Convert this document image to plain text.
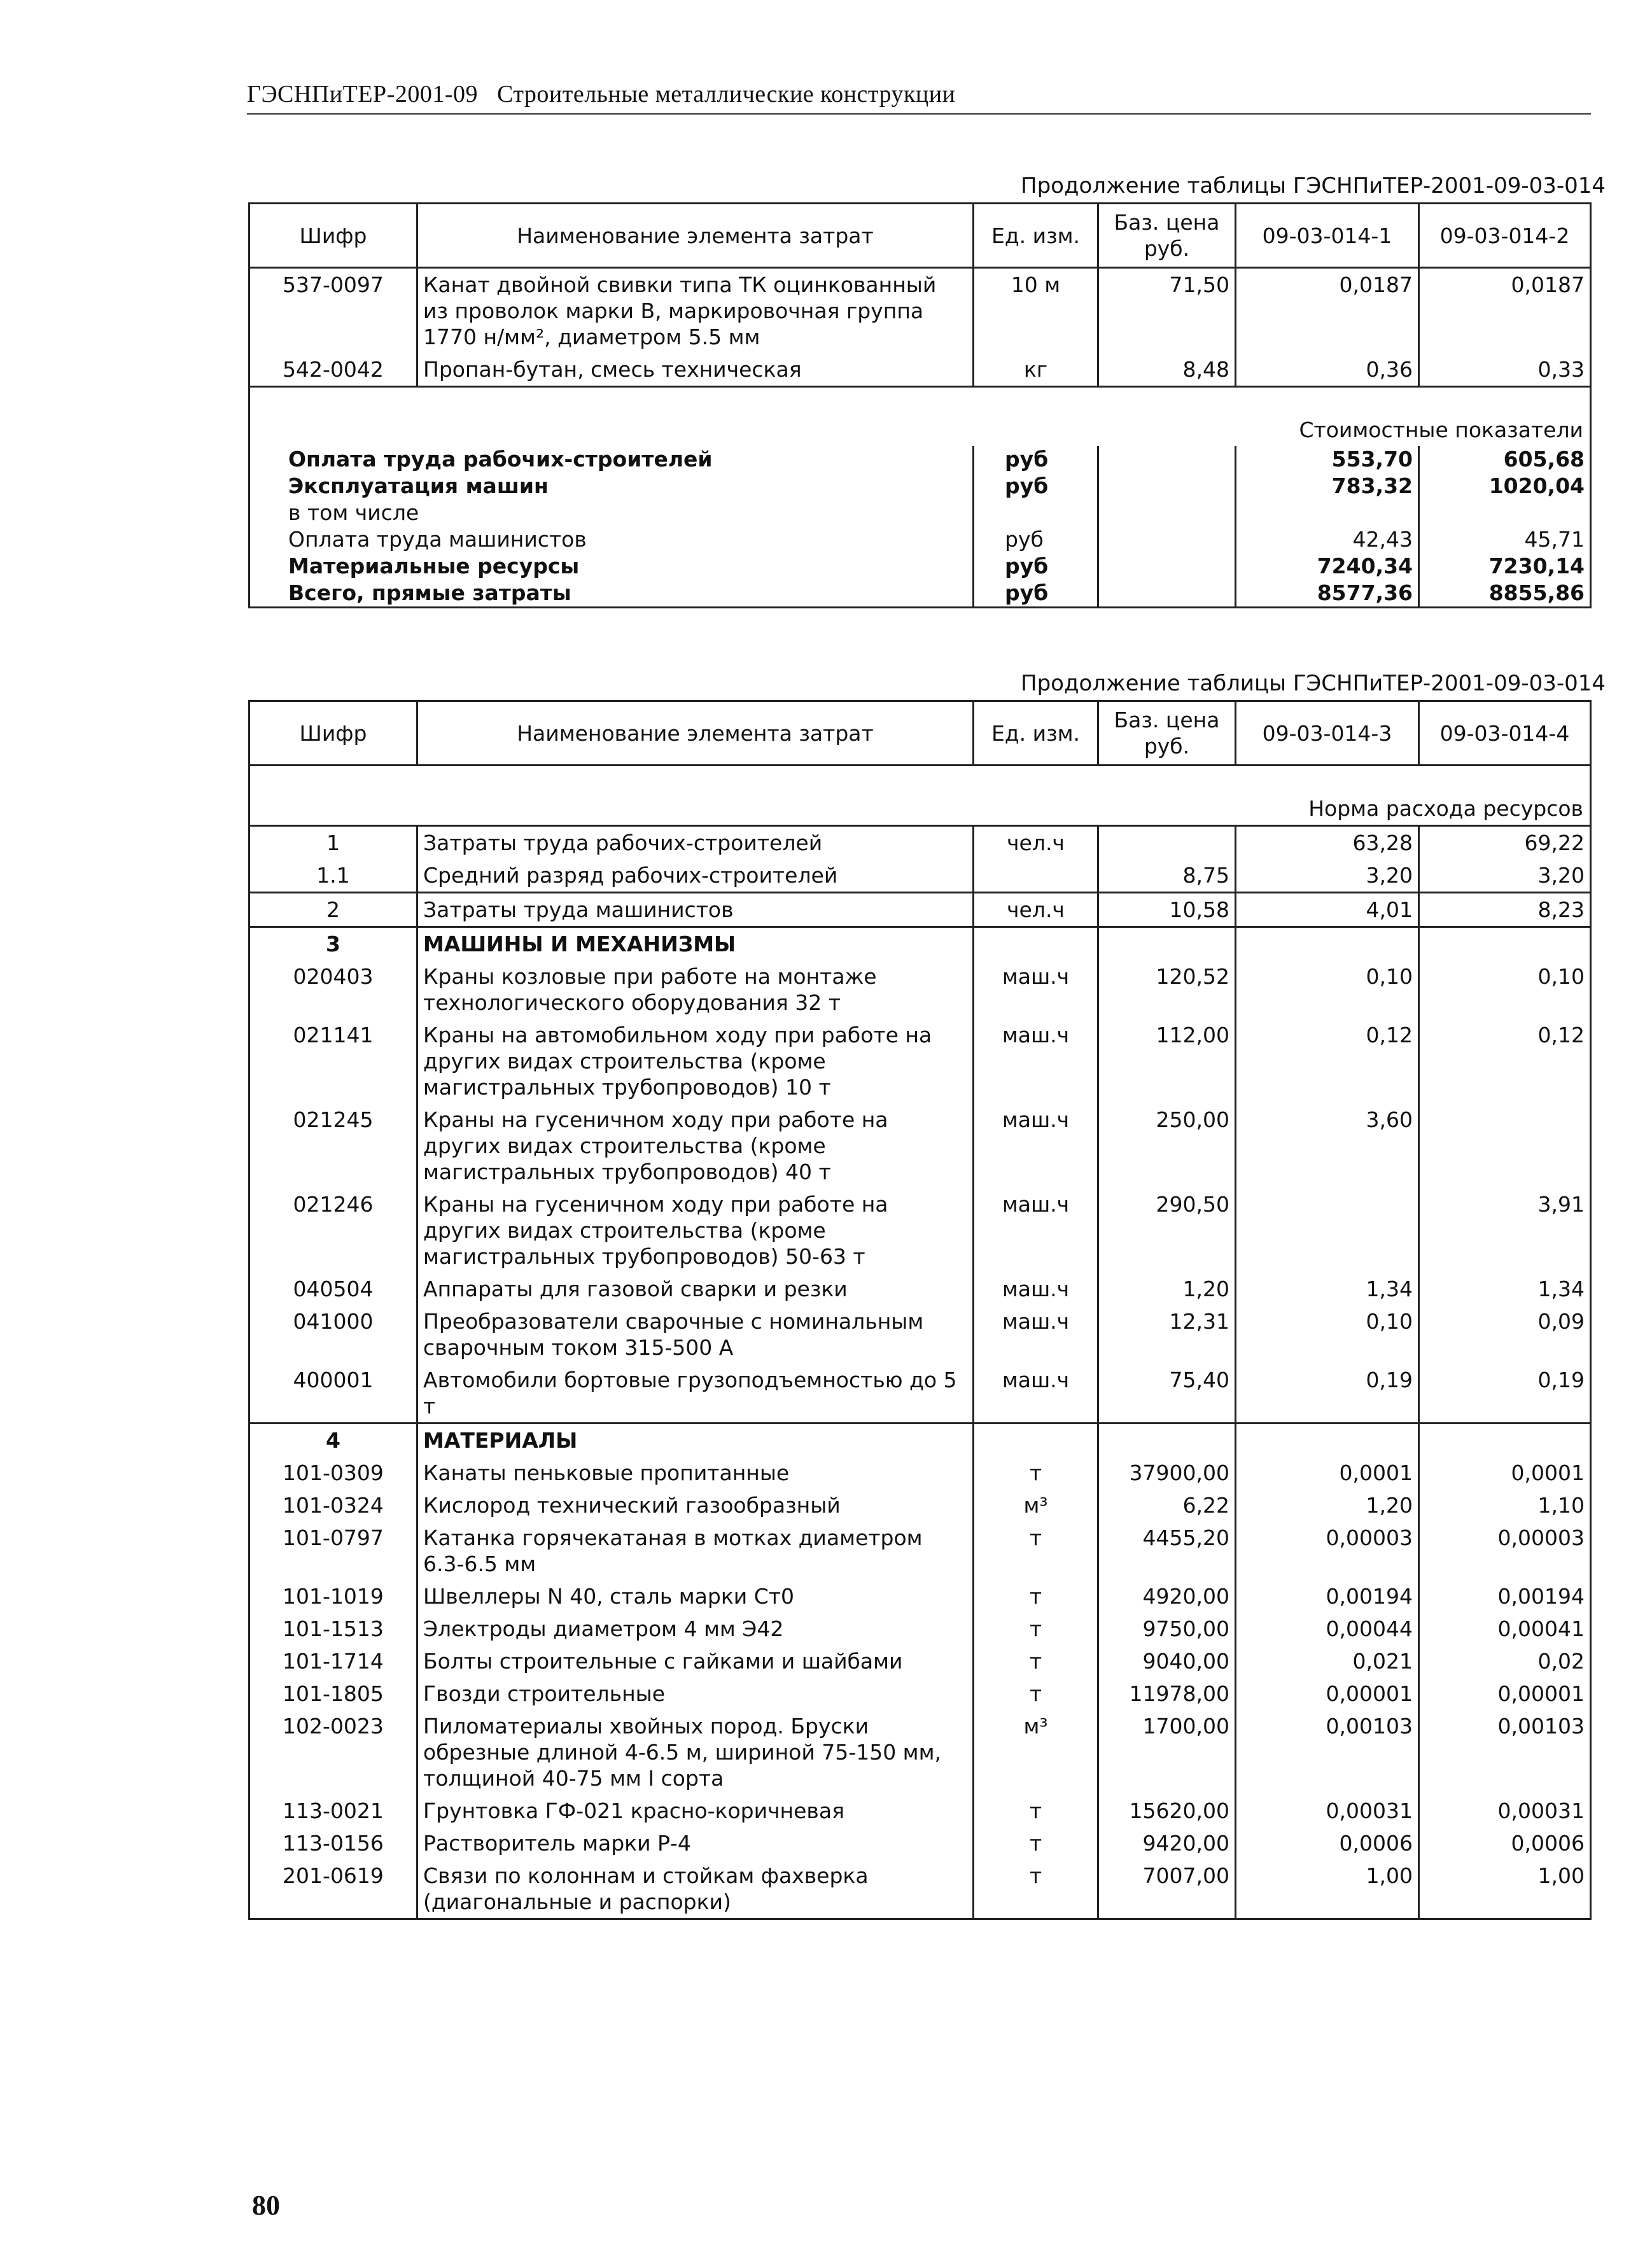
ГЭСНПиТЕР-2001-09 Строительные металлические конструкции
Продолжение таблицы ГЭСНПиТЕР-2001-09-03-014
Шифр	Наименование элемента затрат	Ед. изм.	Баз. цена руб.	09-03-014-1	09-03-014-2
537-0097	Канат двойной свивки типа ТК оцинкованный из проволок марки В, маркировочная группа 1770 н/мм², диаметром 5.5 мм	10 м	71,50	0,0187	0,0187
542-0042	Пропан-бутан, смесь техническая	кг	8,48	0,36	0,33
Стоимостные показатели					
Оплата труда рабочих-строителей		руб		553,70	605,68
Эксплуатация машин		руб		783,32	1020,04
в том числе					
Оплата труда машинистов		руб		42,43	45,71
Материальные ресурсы		руб		7240,34	7230,14
Всего, прямые затраты		руб		8577,36	8855,86
Продолжение таблицы ГЭСНПиТЕР-2001-09-03-014
Шифр	Наименование элемента затрат	Ед. изм.	Баз. цена руб.	09-03-014-3	09-03-014-4
Норма расхода ресурсов					
1	Затраты труда рабочих-строителей	чел.ч		63,28	69,22
1.1	Средний разряд рабочих-строителей		8,75	3,20	3,20
2	Затраты труда машинистов	чел.ч	10,58	4,01	8,23
3	МАШИНЫ И МЕХАНИЗМЫ				
020403	Краны козловые при работе на монтаже технологического оборудования 32 т	маш.ч	120,52	0,10	0,10
021141	Краны на автомобильном ходу при работе на других видах строительства (кроме магистральных трубопроводов) 10 т	маш.ч	112,00	0,12	0,12
021245	Краны на гусеничном ходу при работе на других видах строительства (кроме магистральных трубопроводов) 40 т	маш.ч	250,00	3,60	
021246	Краны на гусеничном ходу при работе на других видах строительства (кроме магистральных трубопроводов) 50-63 т	маш.ч	290,50		3,91
040504	Аппараты для газовой сварки и резки	маш.ч	1,20	1,34	1,34
041000	Преобразователи сварочные с номинальным сварочным током 315-500 А	маш.ч	12,31	0,10	0,09
400001	Автомобили бортовые грузоподъемностью до 5 т	маш.ч	75,40	0,19	0,19
4	МАТЕРИАЛЫ				
101-0309	Канаты пеньковые пропитанные	т	37900,00	0,0001	0,0001
101-0324	Кислород технический газообразный	м³	6,22	1,20	1,10
101-0797	Катанка горячекатаная в мотках диаметром 6.3-6.5 мм	т	4455,20	0,00003	0,00003
101-1019	Швеллеры N 40, сталь марки Ст0	т	4920,00	0,00194	0,00194
101-1513	Электроды диаметром 4 мм Э42	т	9750,00	0,00044	0,00041
101-1714	Болты строительные с гайками и шайбами	т	9040,00	0,021	0,02
101-1805	Гвозди строительные	т	11978,00	0,00001	0,00001
102-0023	Пиломатериалы хвойных пород. Бруски обрезные длиной 4-6.5 м, шириной 75-150 мм, толщиной 40-75 мм I сорта	м³	1700,00	0,00103	0,00103
113-0021	Грунтовка ГФ-021 красно-коричневая	т	15620,00	0,00031	0,00031
113-0156	Растворитель марки Р-4	т	9420,00	0,0006	0,0006
201-0619	Связи по колоннам и стойкам фахверка (диагональные и распорки)	т	7007,00	1,00	1,00
80
